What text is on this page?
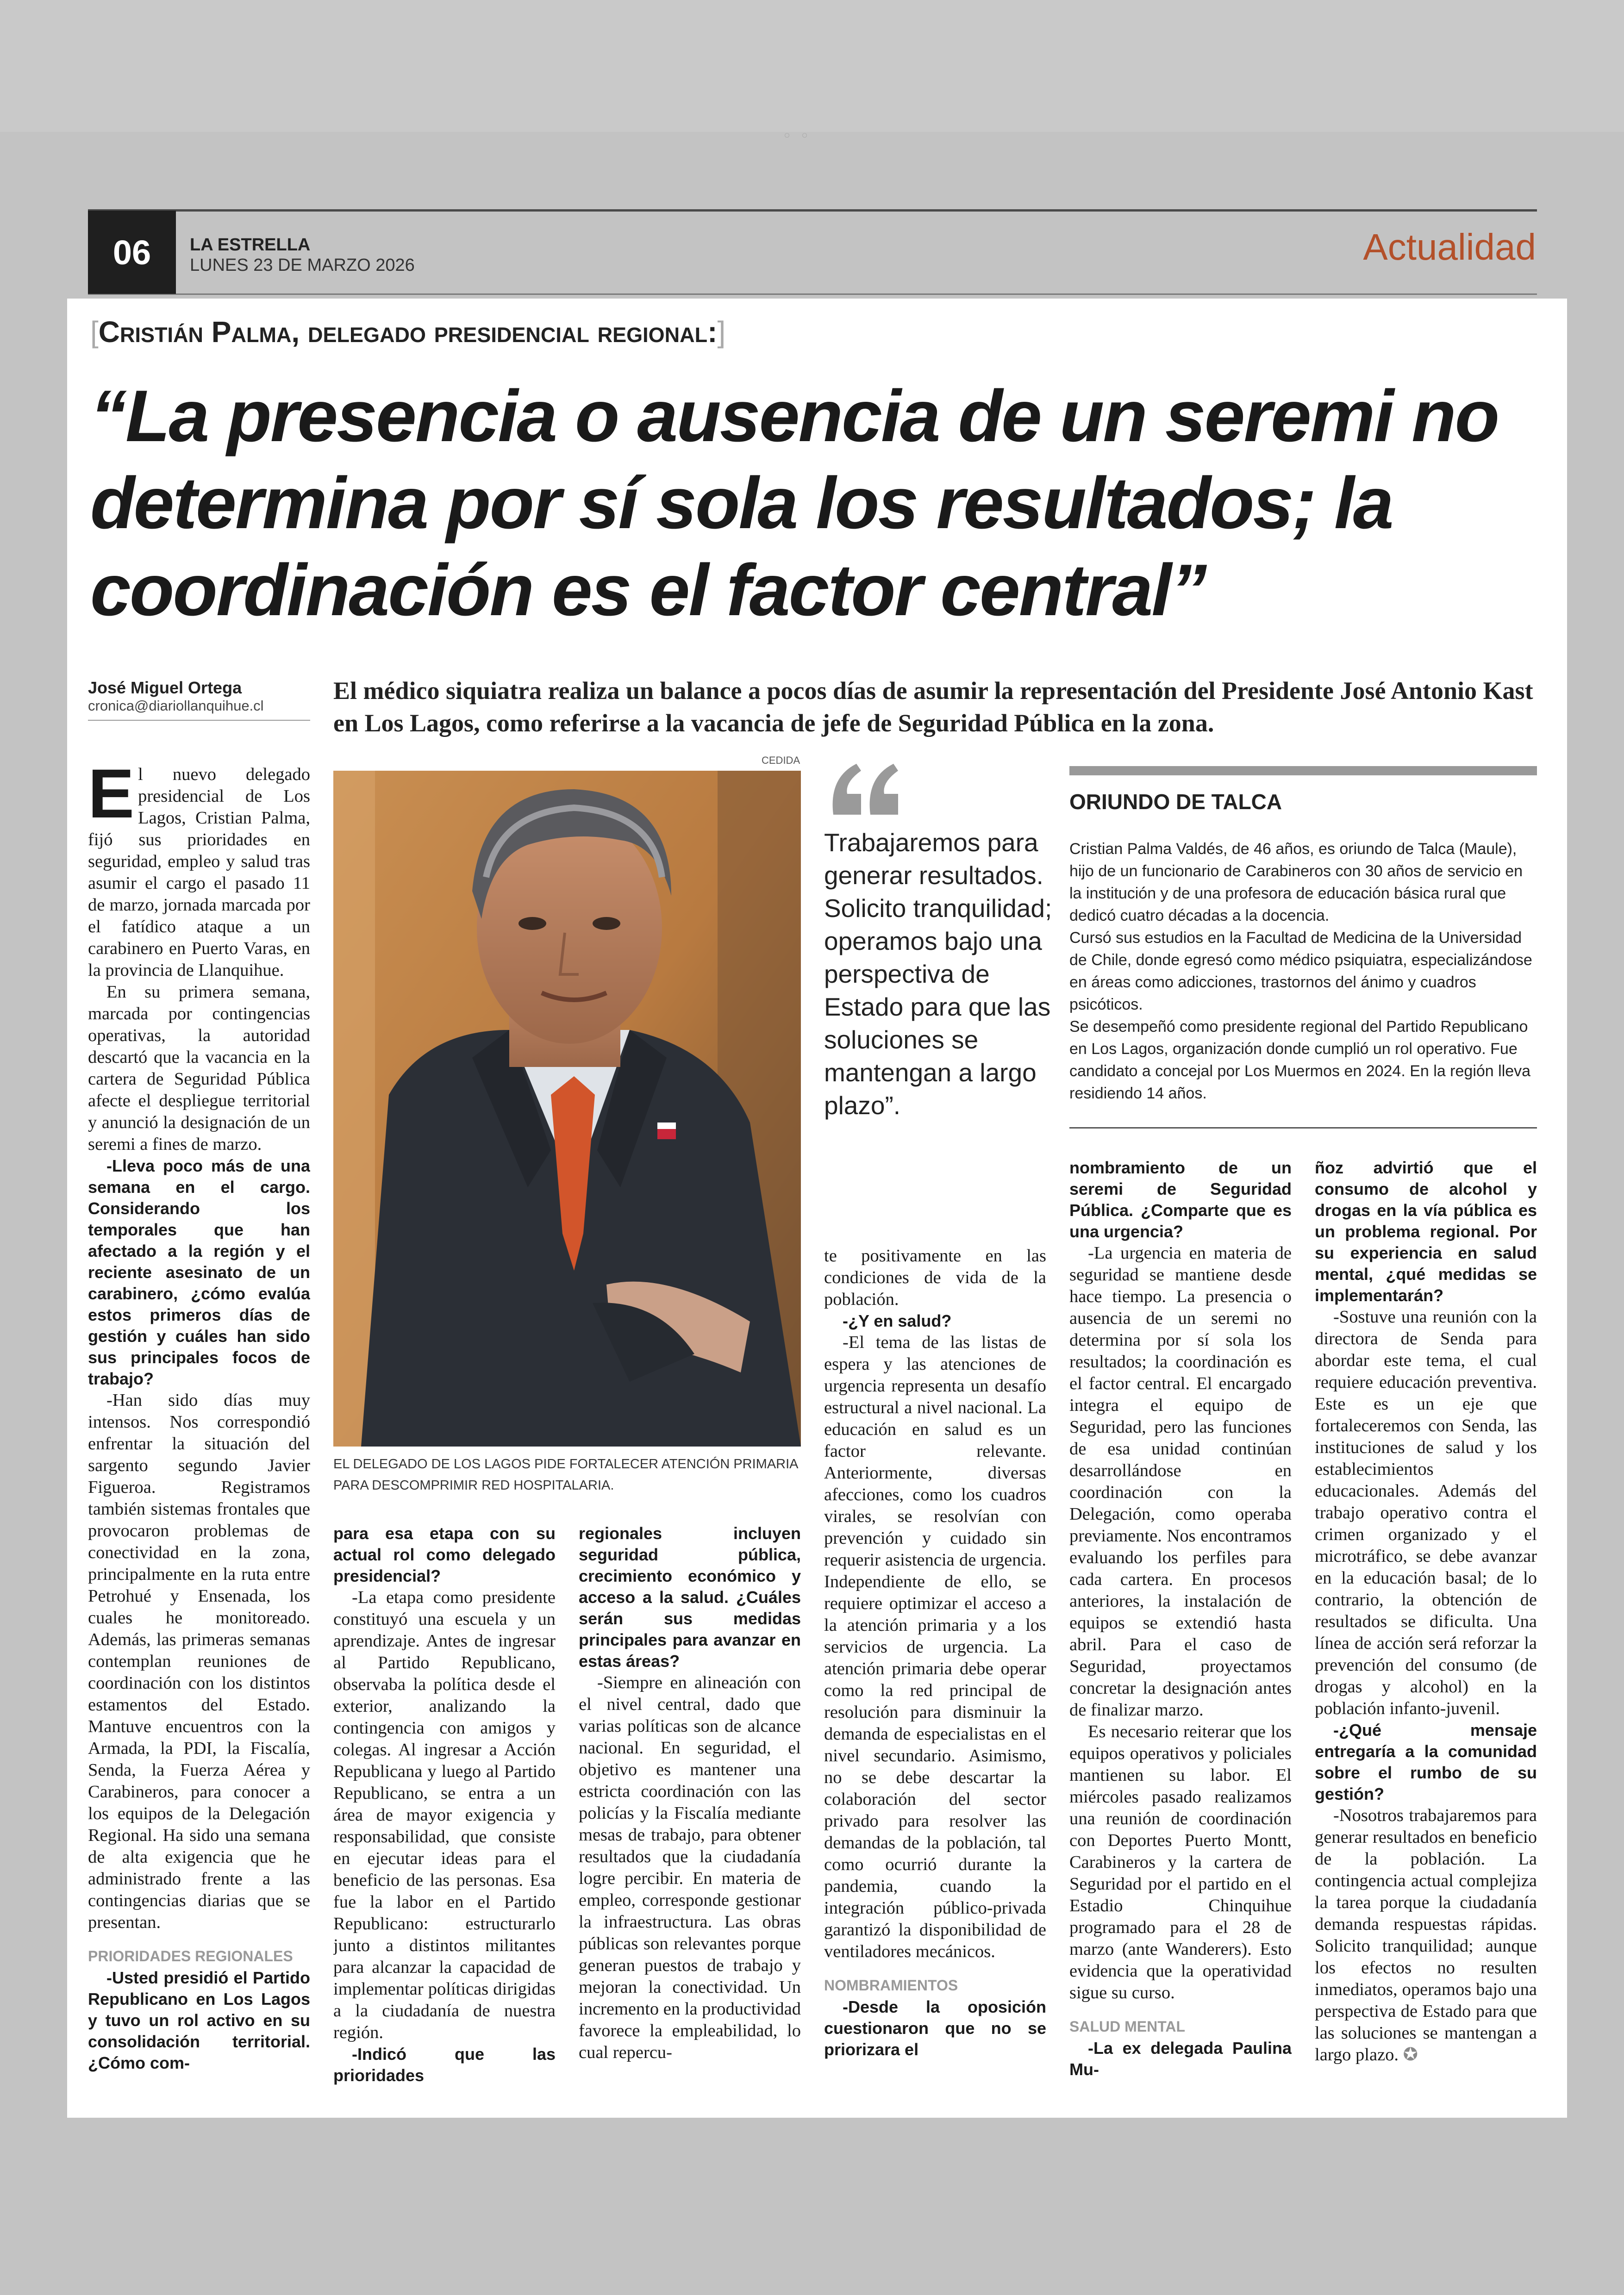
◦◦
06	LA ESTRELLA
LUNES 23 DE MARZO 2026	Actualidad
[Cristián Palma, delegado presidencial regional:]
“La presencia o ausencia de un seremi no determina por sí sola los resultados; la coordinación es el factor central”
José Miguel Ortega
cronica@diariollanquihue.cl
El médico siquiatra realiza un balance a pocos días de asumir la representación del Presidente José Antonio Kast en Los Lagos, como referirse a la vacancia de jefe de Seguridad Pública en la zona.

El nuevo delegado presidencial de Los Lagos, Cristian Palma, fijó sus prioridades en seguridad, empleo y salud tras asumir el cargo el pasado 11 de marzo, jornada marcada por el fatídico ataque a un carabinero en Puerto Varas, en la provincia de Llanquihue.

En su primera semana, marcada por contingencias operativas, la autoridad descartó que la vacancia en la cartera de Seguridad Pública afecte el despliegue territorial y anunció la designación de un seremi a fines de marzo.

-Lleva poco más de una semana en el cargo. Considerando los temporales que han afectado a la región y el reciente asesinato de un carabinero, ¿cómo evalúa estos primeros días de gestión y cuáles han sido sus principales focos de trabajo?

-Han sido días muy intensos. Nos correspondió enfrentar la situación del sargento segundo Javier Figueroa. Registramos también sistemas frontales que provocaron problemas de conectividad en la zona, principalmente en la ruta entre Petrohué y Ensenada, los cuales he monitoreado. Además, las primeras semanas contemplan reuniones de coordinación con los distintos estamentos del Estado. Mantuve encuentros con la Armada, la PDI, la Fiscalía, Senda, la Fuerza Aérea y Carabineros, para conocer a los equipos de la Delegación Regional. Ha sido una semana de alta exigencia que he administrado frente a las contingencias diarias que se presentan.

PRIORIDADES REGIONALES

-Usted presidió el Partido Republicano en Los Lagos y tuvo un rol activo en su consolidación territorial. ¿Cómo com-

CEDIDA
EL DELEGADO DE LOS LAGOS PIDE FORTALECER ATENCIÓN PRIMARIA PARA DESCOMPRIMIR RED HOSPITALARIA.

para esa etapa con su actual rol como delegado presidencial?

-La etapa como presidente constituyó una escuela y un aprendizaje. Antes de ingresar al Partido Republicano, observaba la política desde el exterior, analizando la contingencia con amigos y colegas. Al ingresar a Acción Republicana y luego al Partido Republicano, se entra a un área de mayor exigencia y responsabilidad, que consiste en ejecutar ideas para el beneficio de las personas. Esa fue la labor en el Partido Republicano: estructurarlo junto a distintos militantes para alcanzar la capacidad de implementar políticas dirigidas a la ciudadanía de nuestra región.

-Indicó que las prioridades

regionales incluyen seguridad pública, crecimiento económico y acceso a la salud. ¿Cuáles serán sus medidas principales para avanzar en estas áreas?

-Siempre en alineación con el nivel central, dado que varias políticas son de alcance nacional. En seguridad, el objetivo es mantener una estricta coordinación con las policías y la Fiscalía mediante mesas de trabajo, para obtener resultados que la ciudadanía logre percibir. En materia de empleo, corresponde gestionar la infraestructura. Las obras públicas son relevantes porque generan puestos de trabajo y mejoran la conectividad. Un incremento en la productividad favorece la empleabilidad, lo cual repercu-

Trabajaremos para generar resultados. Solicito tranquilidad; operamos bajo una perspectiva de Estado para que las soluciones se mantengan a largo plazo”.

te positivamente en las condiciones de vida de la población.

-¿Y en salud?

-El tema de las listas de espera y las atenciones de urgencia representa un desafío estructural a nivel nacional. La educación en salud es un factor relevante. Anteriormente, diversas afecciones, como los cuadros virales, se resolvían con prevención y cuidado sin requerir asistencia de urgencia. Independiente de ello, se requiere optimizar el acceso a la atención primaria y a los servicios de urgencia. La atención primaria debe operar como la red principal de resolución para disminuir la demanda de especialistas en el nivel secundario. Asimismo, no se debe descartar la colaboración del sector privado para resolver las demandas de la población, tal como ocurrió durante la pandemia, cuando la integración público-privada garantizó la disponibilidad de ventiladores mecánicos.

NOMBRAMIENTOS

-Desde la oposición cuestionaron que no se priorizara el

ORIUNDO DE TALCA

Cristian Palma Valdés, de 46 años, es oriundo de Talca (Maule), hijo de un funcionario de Carabineros con 30 años de servicio en la institución y de una profesora de educación básica rural que dedicó cuatro décadas a la docencia.

Cursó sus estudios en la Facultad de Medicina de la Universidad de Chile, donde egresó como médico psiquiatra, especializándose en áreas como adicciones, trastornos del ánimo y cuadros psicóticos.

Se desempeñó como presidente regional del Partido Republicano en Los Lagos, organización donde cumplió un rol operativo. Fue candidato a concejal por Los Muermos en 2024. En la región lleva residiendo 14 años.

nombramiento de un seremi de Seguridad Pública. ¿Comparte que es una urgencia?

-La urgencia en materia de seguridad se mantiene desde hace tiempo. La presencia o ausencia de un seremi no determina por sí sola los resultados; la coordinación es el factor central. El encargado integra el equipo de Seguridad, pero las funciones de esa unidad continúan desarrollándose en coordinación con la Delegación, como operaba previamente. Nos encontramos evaluando los perfiles para cada cartera. En procesos anteriores, la instalación de equipos se extendió hasta abril. Para el caso de Seguridad, proyectamos concretar la designación antes de finalizar marzo.

Es necesario reiterar que los equipos operativos y policiales mantienen su labor. El miércoles pasado realizamos una reunión de coordinación con Deportes Puerto Montt, Carabineros y la cartera de Seguridad por el partido en el Estadio Chinquihue programado para el 28 de marzo (ante Wanderers). Esto evidencia que la operatividad sigue su curso.

SALUD MENTAL

-La ex delegada Paulina Mu-

ñoz advirtió que el consumo de alcohol y drogas en la vía pública es un problema regional. Por su experiencia en salud mental, ¿qué medidas se implementarán?

-Sostuve una reunión con la directora de Senda para abordar este tema, el cual requiere educación preventiva. Este es un eje que fortaleceremos con Senda, las instituciones de salud y los establecimientos educacionales. Además del trabajo operativo contra el crimen organizado y el microtráfico, se debe avanzar en la educación basal; de lo contrario, la obtención de resultados se dificulta. Una línea de acción será reforzar la prevención del consumo (de drogas y alcohol) en la población infanto-juvenil.

-¿Qué mensaje entregaría a la comunidad sobre el rumbo de su gestión?

-Nosotros trabajaremos para generar resultados en beneficio de la población. La contingencia actual complejiza la tarea porque la ciudadanía demanda respuestas rápidas. Solicito tranquilidad; aunque los efectos no resulten inmediatos, operamos bajo una perspectiva de Estado para que las soluciones se mantengan a largo plazo. ✪
